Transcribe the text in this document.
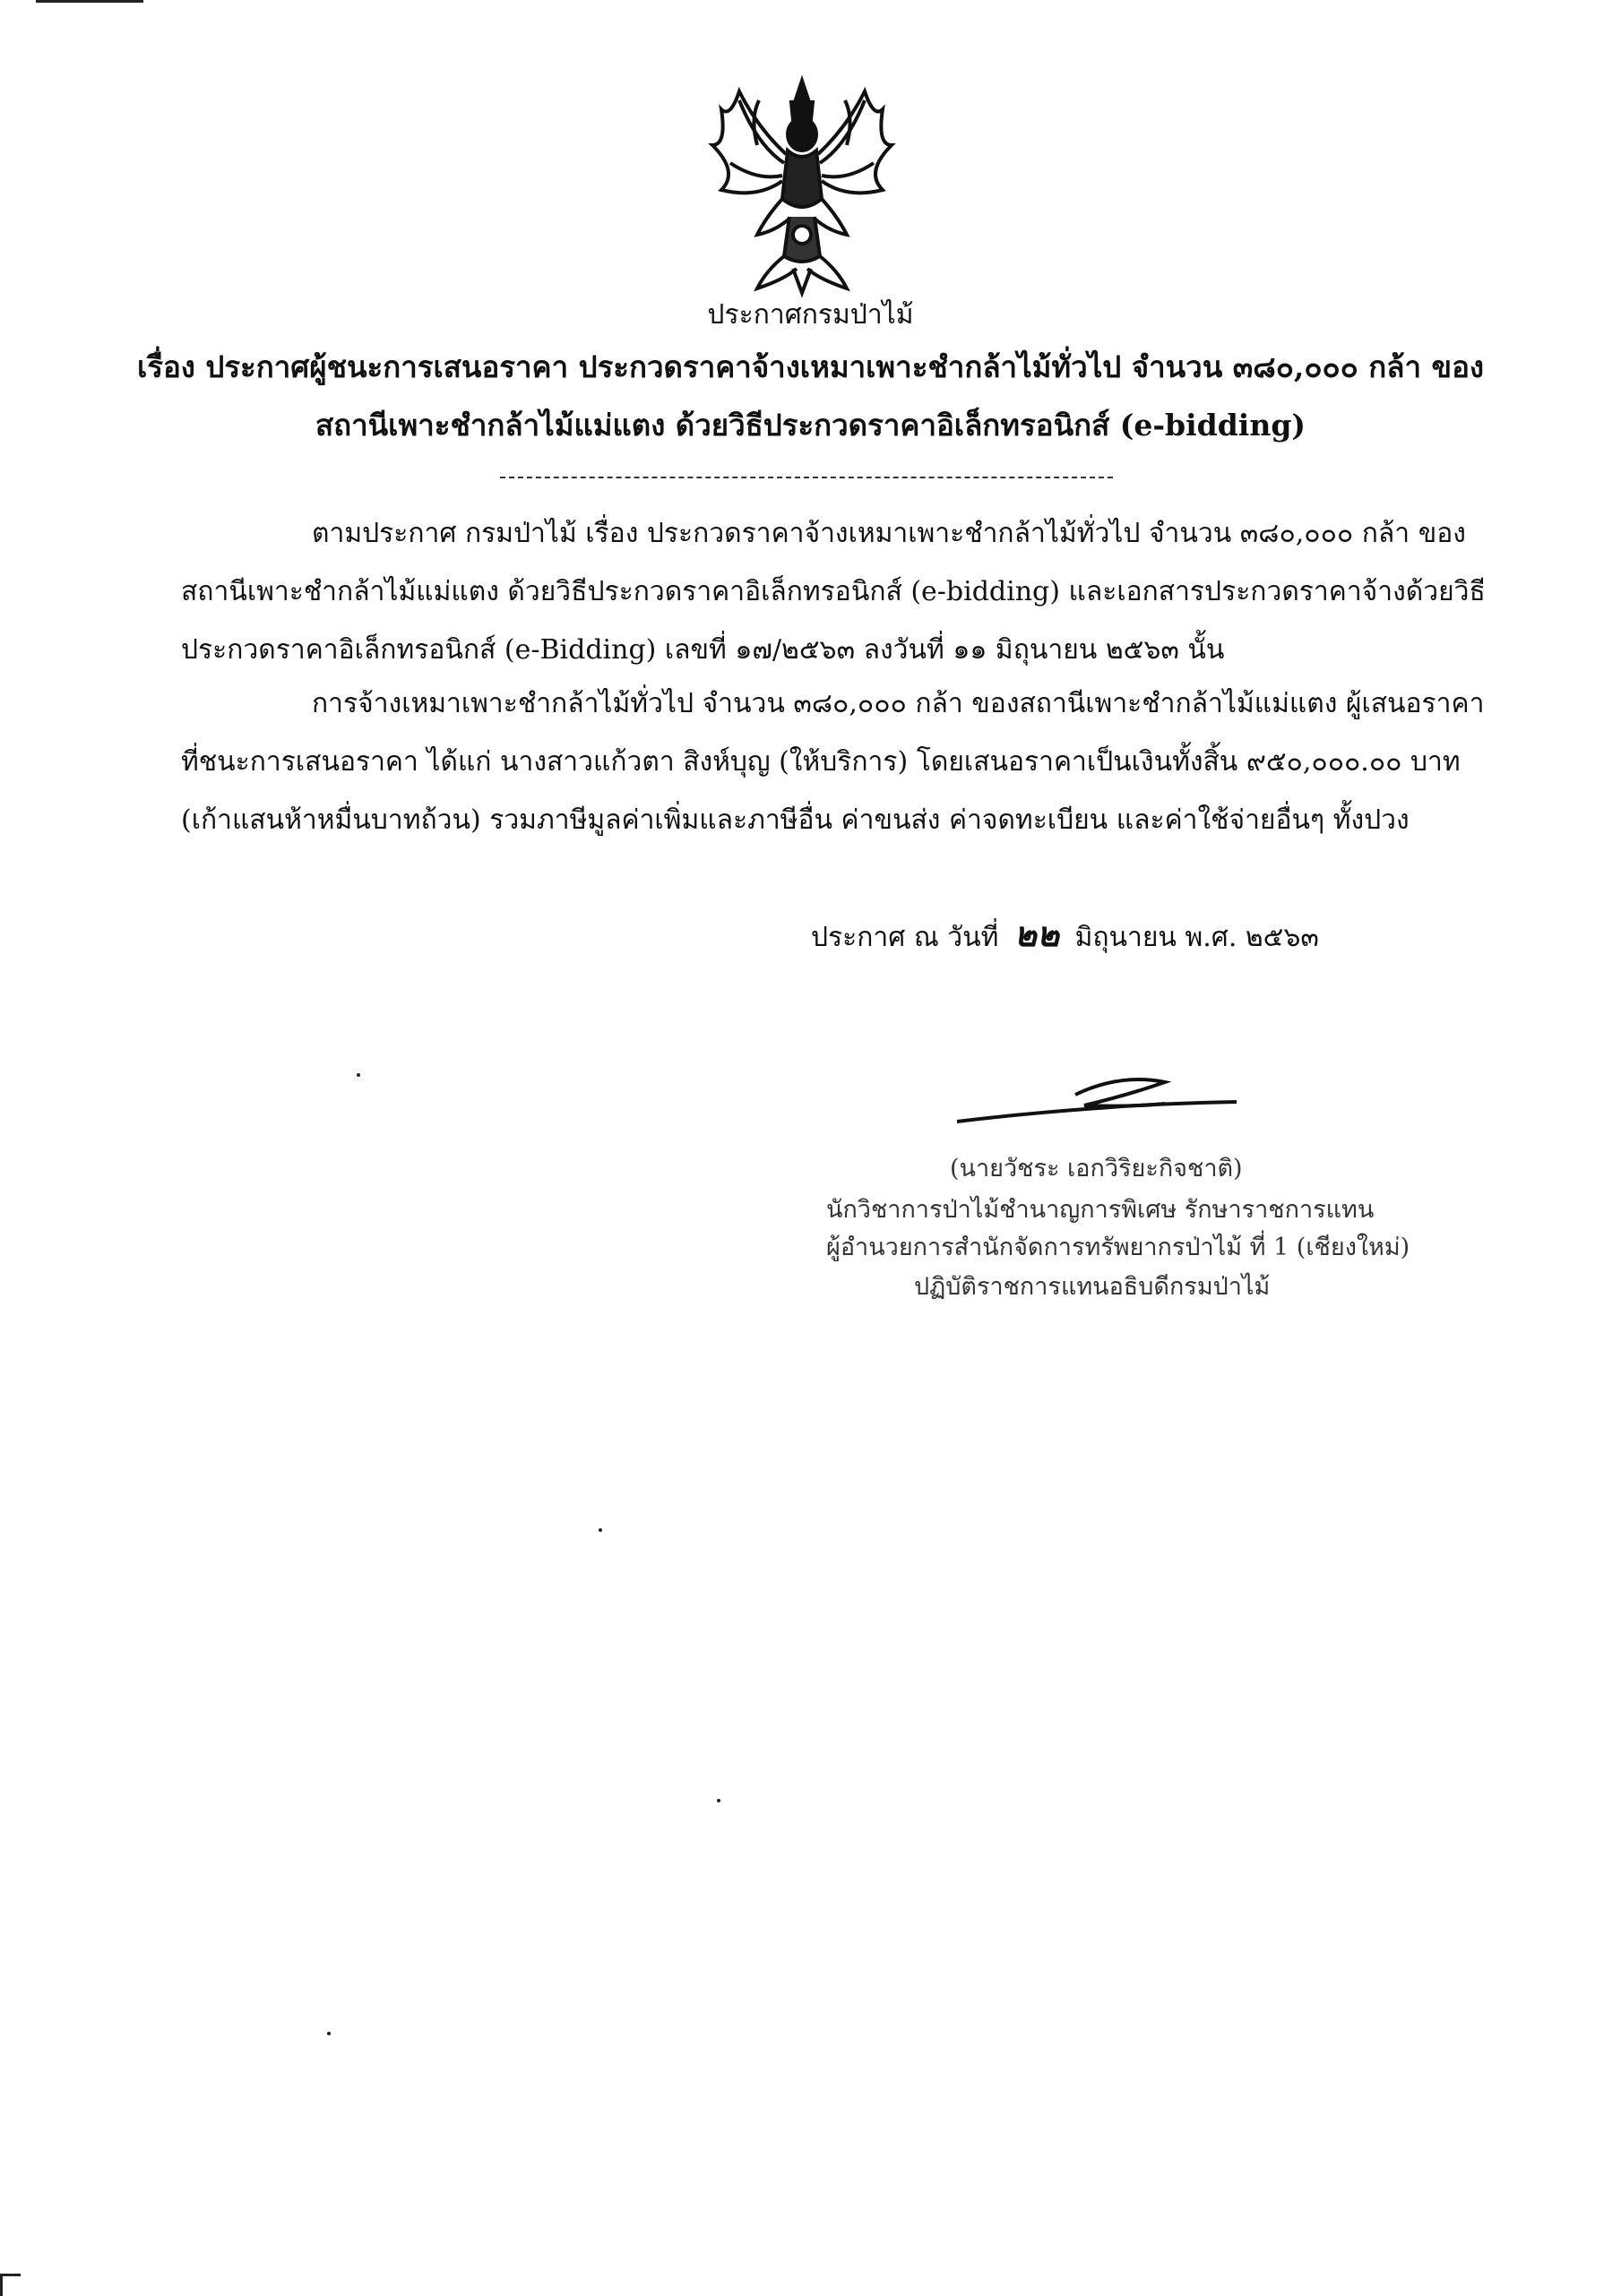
ประกาศกรมป่าไม้
เรื่อง ประกาศผู้ชนะการเสนอราคา ประกวดราคาจ้างเหมาเพาะชำกล้าไม้ทั่วไป จำนวน ๓๘๐,๐๐๐ กล้า ของ
สถานีเพาะชำกล้าไม้แม่แตง ด้วยวิธีประกวดราคาอิเล็กทรอนิกส์ (e-bidding)
ตามประกาศ กรมป่าไม้ เรื่อง ประกวดราคาจ้างเหมาเพาะชำกล้าไม้ทั่วไป จำนวน ๓๘๐,๐๐๐ กล้า ของ
สถานีเพาะชำกล้าไม้แม่แตง ด้วยวิธีประกวดราคาอิเล็กทรอนิกส์ (e-bidding) และเอกสารประกวดราคาจ้างด้วยวิธี
ประกวดราคาอิเล็กทรอนิกส์ (e-Bidding) เลขที่ ๑๗/๒๕๖๓ ลงวันที่ ๑๑ มิถุนายน ๒๕๖๓ นั้น
การจ้างเหมาเพาะชำกล้าไม้ทั่วไป จำนวน ๓๘๐,๐๐๐ กล้า ของสถานีเพาะชำกล้าไม้แม่แตง ผู้เสนอราคา
ที่ชนะการเสนอราคา ได้แก่ นางสาวแก้วตา สิงห์บุญ (ให้บริการ) โดยเสนอราคาเป็นเงินทั้งสิ้น ๙๕๐,๐๐๐.๐๐ บาท
(เก้าแสนห้าหมื่นบาทถ้วน) รวมภาษีมูลค่าเพิ่มและภาษีอื่น ค่าขนส่ง ค่าจดทะเบียน และค่าใช้จ่ายอื่นๆ ทั้งปวง
ประกาศ ณ วันที่ ๒๒ มิถุนายน พ.ศ. ๒๕๖๓
(นายวัชระ เอกวิริยะกิจชาติ)
นักวิชาการป่าไม้ชำนาญการพิเศษ รักษาราชการแทน
ผู้อำนวยการสำนักจัดการทรัพยากรป่าไม้ ที่ 1 (เชียงใหม่)
ปฏิบัติราชการแทนอธิบดีกรมป่าไม้
